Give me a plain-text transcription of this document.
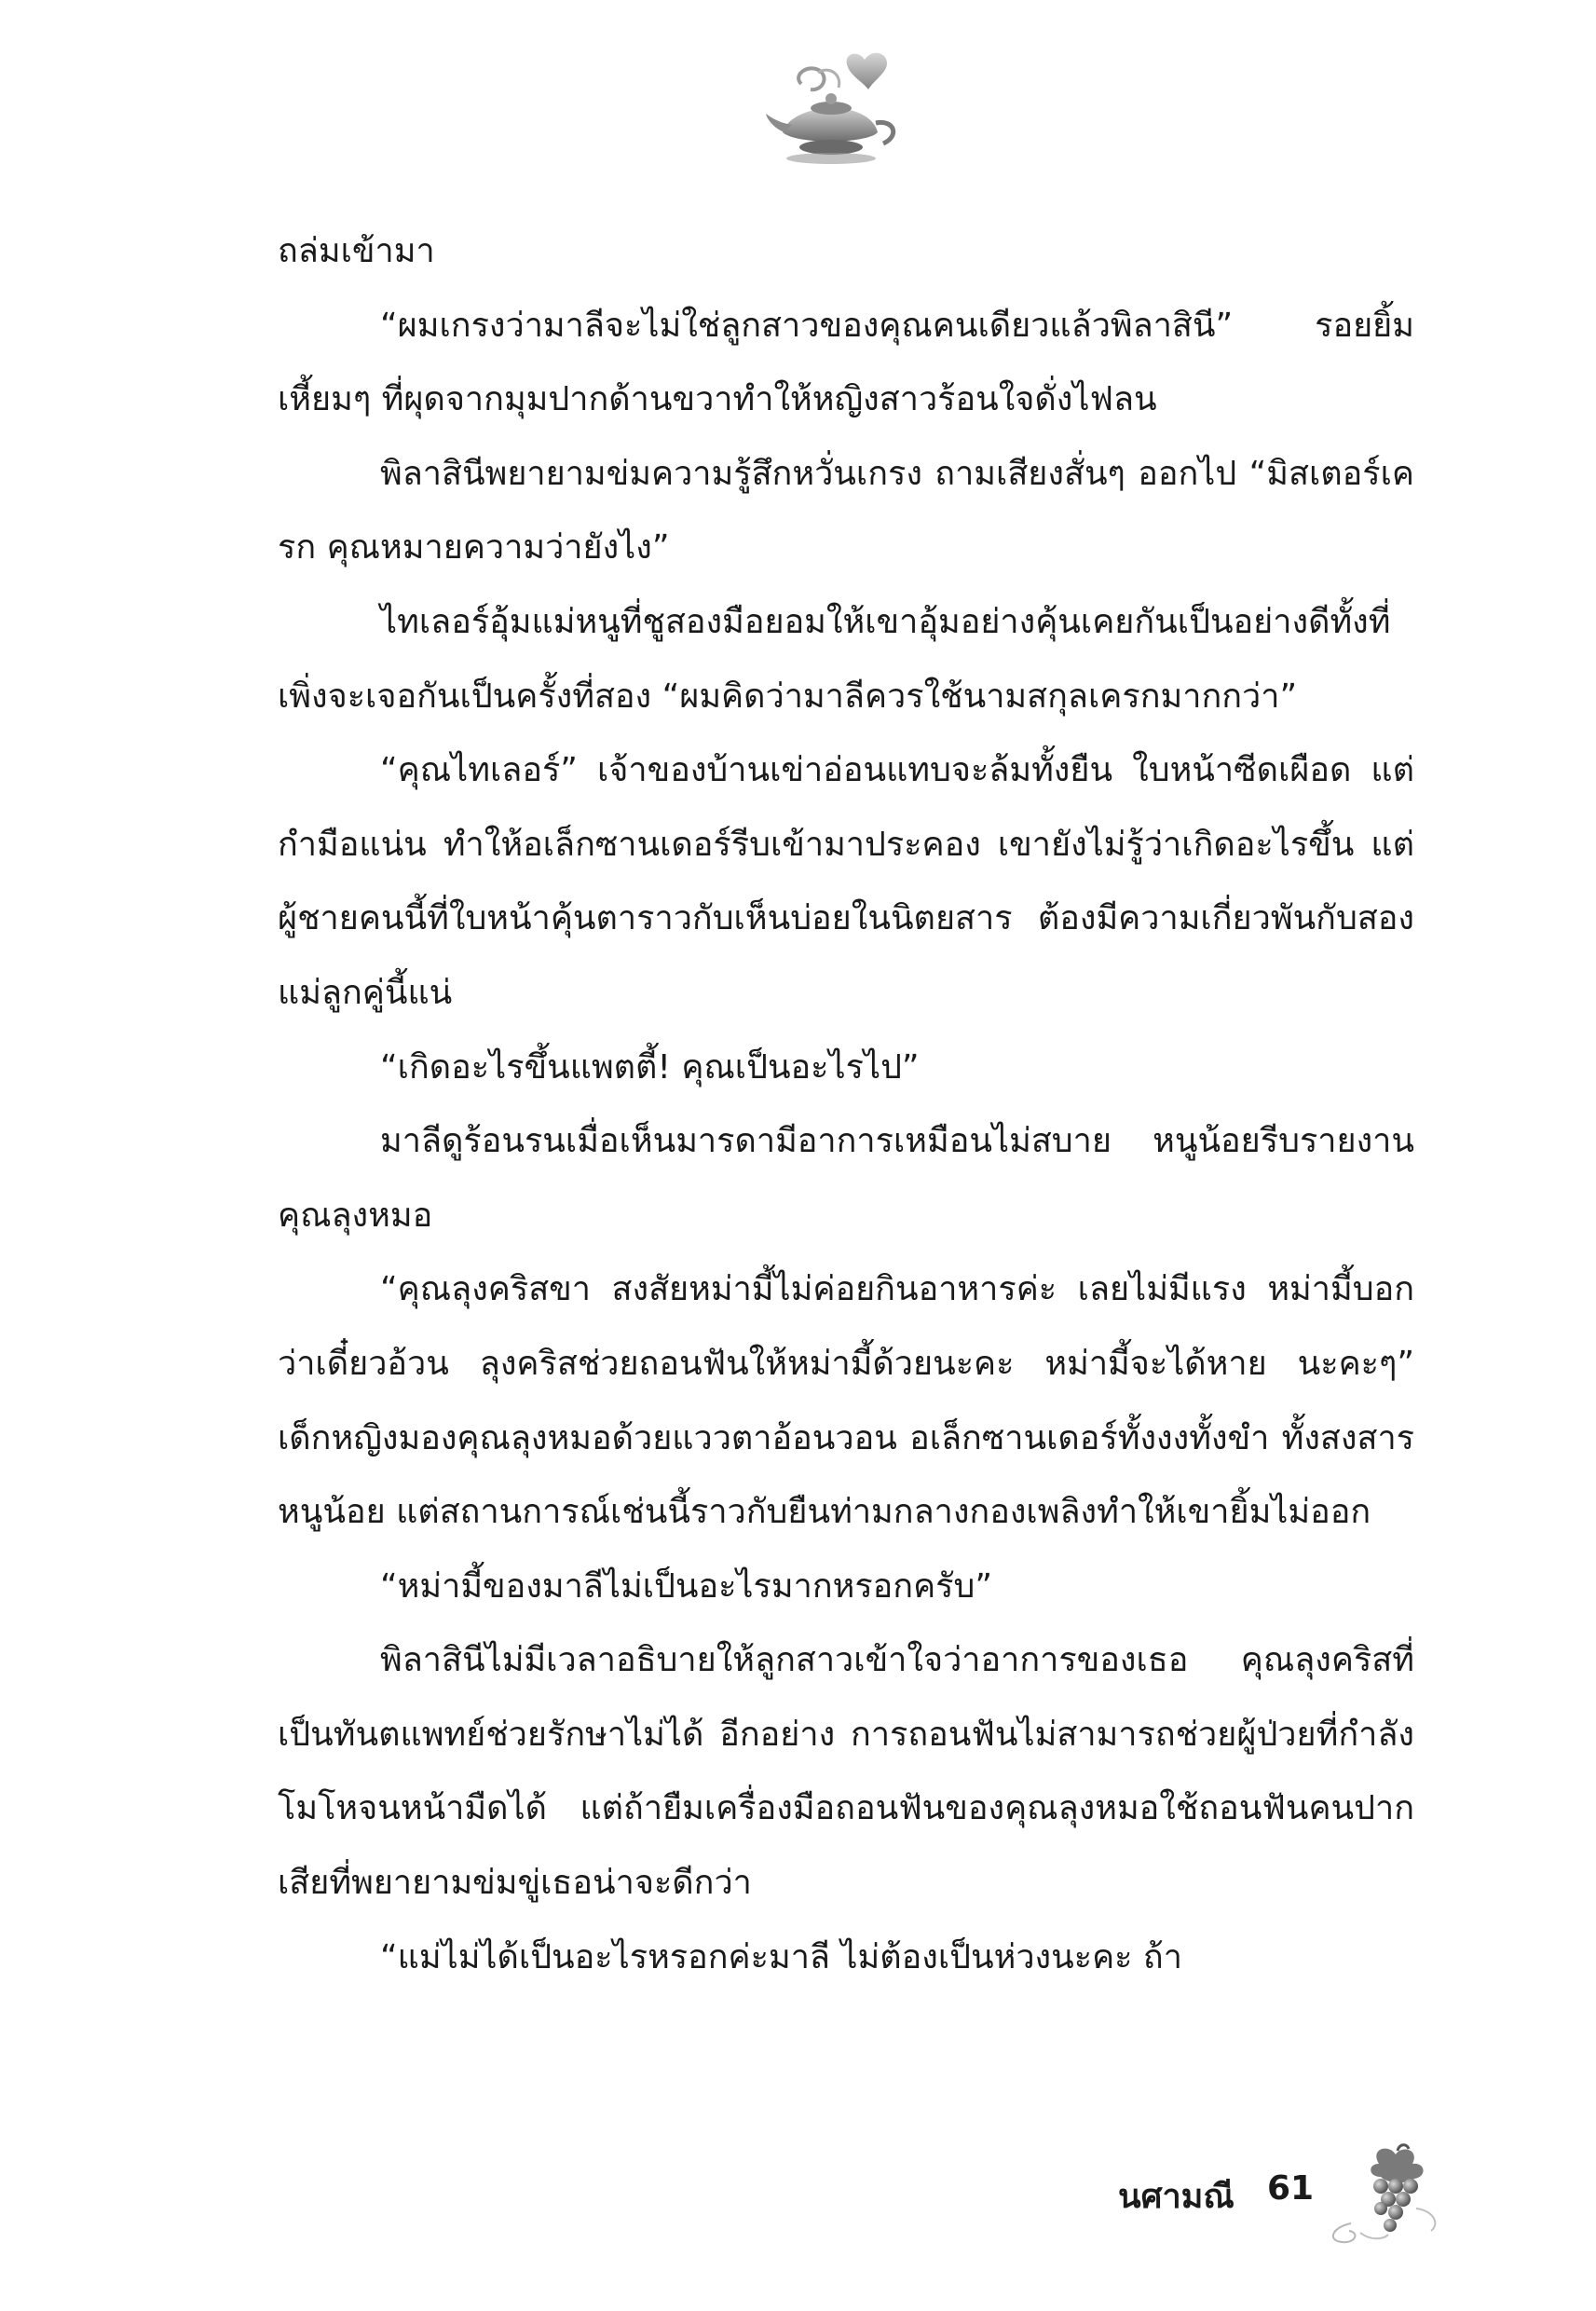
ถล่มเข้ามา

“ผมเกรงว่ามาลีจะไม่ใช่ลูกสาวของคุณคนเดียวแล้วพิลาสินี” รอยยิ้มเหี้ยมๆ ที่ผุดจากมุมปากด้านขวาทำให้หญิงสาวร้อนใจดั่งไฟลน

พิลาสินีพยายามข่มความรู้สึกหวั่นเกรง ถามเสียงสั่นๆ ออกไป “มิสเตอร์เครก คุณหมายความว่ายังไง”

ไทเลอร์อุ้มแม่หนูที่ชูสองมือยอมให้เขาอุ้มอย่างคุ้นเคยกันเป็นอย่างดีทั้งที่เพิ่งจะเจอกันเป็นครั้งที่สอง “ผมคิดว่ามาลีควรใช้นามสกุลเครกมากกว่า”

“คุณไทเลอร์” เจ้าของบ้านเข่าอ่อนแทบจะล้มทั้งยืน ใบหน้าซีดเผือด แต่กำมือแน่น ทำให้อเล็กซานเดอร์รีบเข้ามาประคอง เขายังไม่รู้ว่าเกิดอะไรขึ้น แต่ผู้ชายคนนี้ที่ใบหน้าคุ้นตาราวกับเห็นบ่อยในนิตยสาร ต้องมีความเกี่ยวพันกับสองแม่ลูกคู่นี้แน่

“เกิดอะไรขึ้นแพตตี้! คุณเป็นอะไรไป”

มาลีดูร้อนรนเมื่อเห็นมารดามีอาการเหมือนไม่สบาย หนูน้อยรีบรายงานคุณลุงหมอ

“คุณลุงคริสขา สงสัยหม่ามี้ไม่ค่อยกินอาหารค่ะ เลยไม่มีแรง หม่ามี้บอกว่าเดี๋ยวอ้วน ลุงคริสช่วยถอนฟันให้หม่ามี้ด้วยนะคะ หม่ามี้จะได้หาย นะคะๆ” เด็กหญิงมองคุณลุงหมอด้วยแววตาอ้อนวอน อเล็กซานเดอร์ทั้งงงทั้งขำ ทั้งสงสารหนูน้อย แต่สถานการณ์เช่นนี้ราวกับยืนท่ามกลางกองเพลิงทำให้เขายิ้มไม่ออก

“หม่ามี้ของมาลีไม่เป็นอะไรมากหรอกครับ”

พิลาสินีไม่มีเวลาอธิบายให้ลูกสาวเข้าใจว่าอาการของเธอ คุณลุงคริสที่เป็นทันตแพทย์ช่วยรักษาไม่ได้ อีกอย่าง การถอนฟันไม่สามารถช่วยผู้ป่วยที่กำลังโมโหจนหน้ามืดได้ แต่ถ้ายืมเครื่องมือถอนฟันของคุณลุงหมอใช้ถอนฟันคนปากเสียที่พยายามข่มขู่เธอน่าจะดีกว่า

“แม่ไม่ได้เป็นอะไรหรอกค่ะมาลี ไม่ต้องเป็นห่วงนะคะ ถ้า

นศามณี 61
